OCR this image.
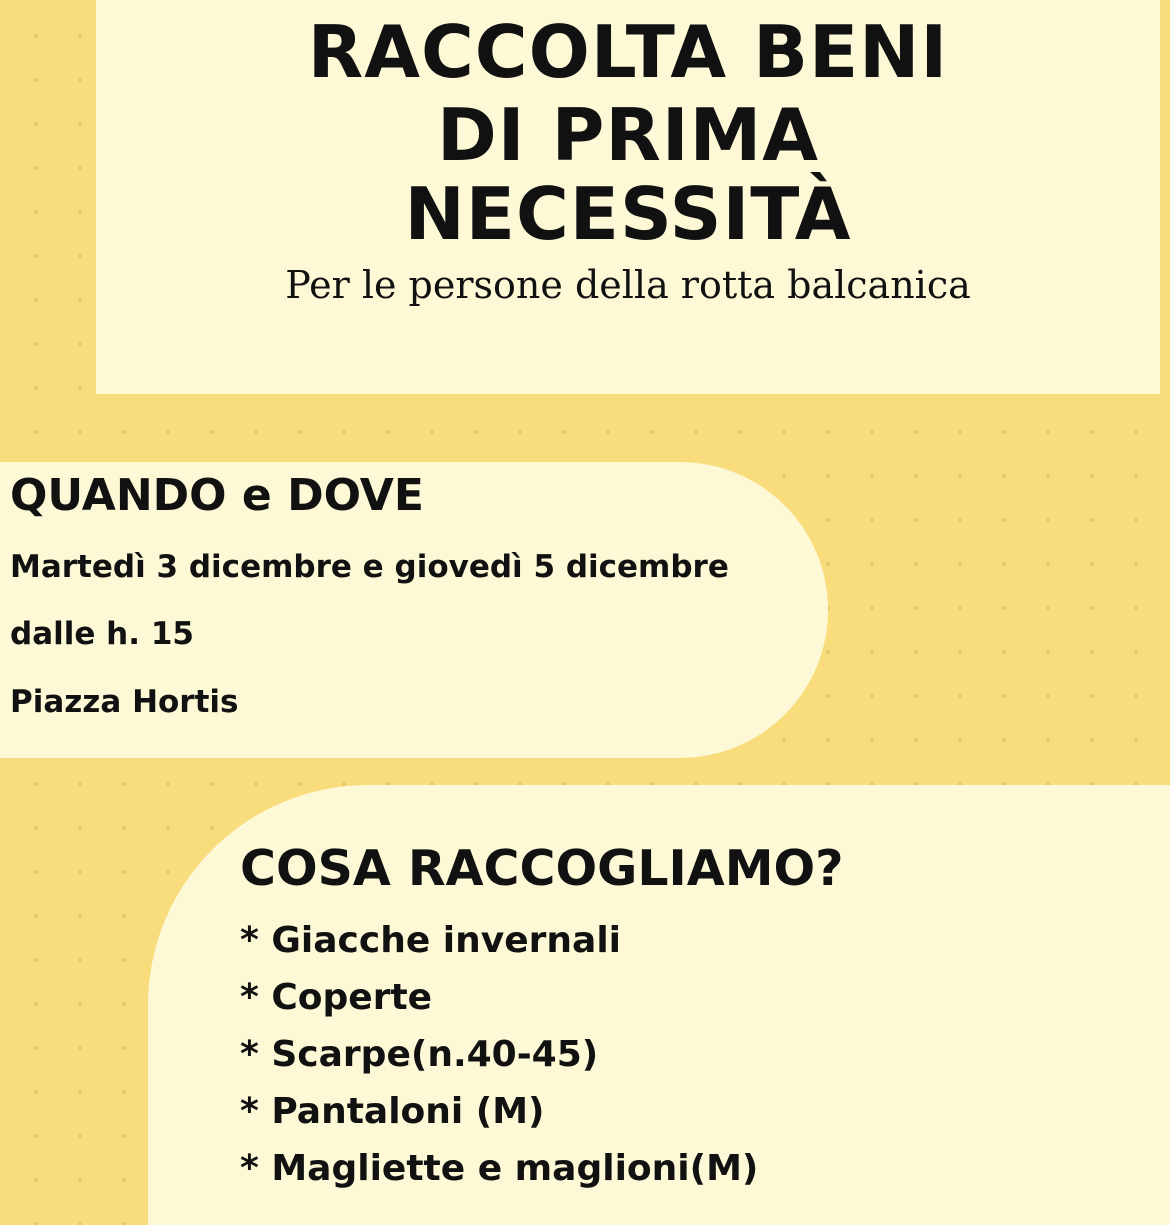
RACCOLTA BENI
DI PRIMA
NECESSITÀ

Per le persone della rotta balcanica

QUANDO e DOVE
Martedì 3 dicembre e giovedì 5 dicembre
dalle h. 15
Piazza Hortis
COSA RACCOGLIAMO?
* Giacche invernali
* Coperte
* Scarpe(n.40-45)
* Pantaloni (M)
* Magliette e maglioni(M)
